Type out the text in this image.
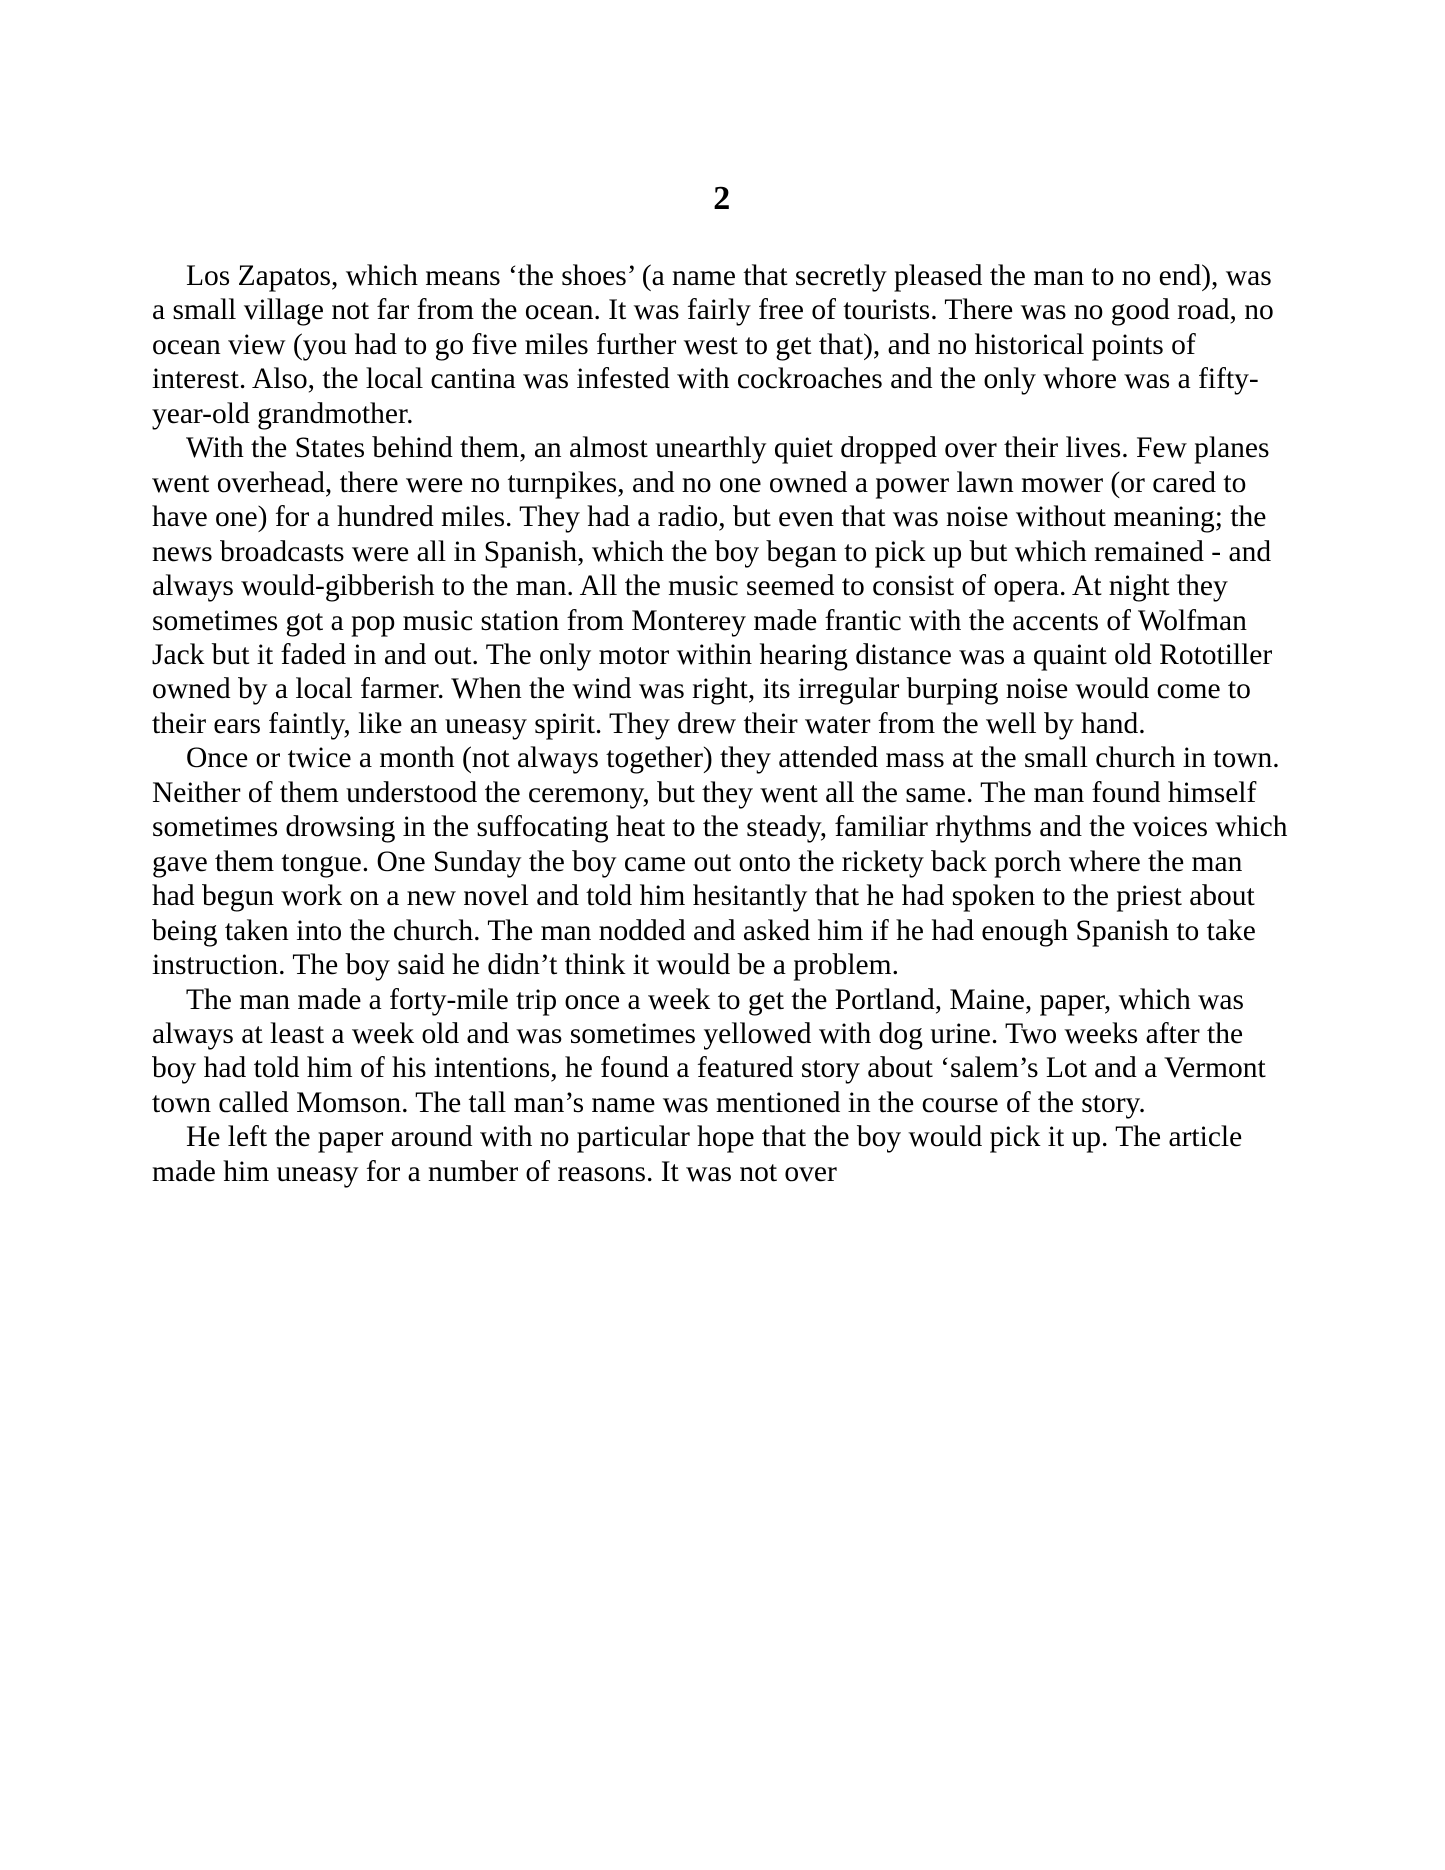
2

Los Zapatos, which means ‘the shoes’ (a name that secretly pleased the man to no end), was a small village not far from the ocean. It was fairly free of tourists. There was no good road, no ocean view (you had to go five miles further west to get that), and no historical points of interest. Also, the local cantina was infested with cockroaches and the only whore was a fifty-year-old grandmother.

With the States behind them, an almost unearthly quiet dropped over their lives. Few planes went overhead, there were no turnpikes, and no one owned a power lawn mower (or cared to have one) for a hundred miles. They had a radio, but even that was noise without meaning; the news broadcasts were all in Spanish, which the boy began to pick up but which remained - and always would-gibberish to the man. All the music seemed to consist of opera. At night they sometimes got a pop music station from Monterey made frantic with the accents of Wolfman Jack but it faded in and out. The only motor within hearing distance was a quaint old Rototiller owned by a local farmer. When the wind was right, its irregular burping noise would come to their ears faintly, like an uneasy spirit. They drew their water from the well by hand.

Once or twice a month (not always together) they attended mass at the small church in town. Neither of them understood the ceremony, but they went all the same. The man found himself sometimes drowsing in the suffocating heat to the steady, familiar rhythms and the voices which gave them tongue. One Sunday the boy came out onto the rickety back porch where the man had begun work on a new novel and told him hesitantly that he had spoken to the priest about being taken into the church. The man nodded and asked him if he had enough Spanish to take instruction. The boy said he didn’t think it would be a problem.

The man made a forty-mile trip once a week to get the Portland, Maine, paper, which was always at least a week old and was sometimes yellowed with dog urine. Two weeks after the boy had told him of his intentions, he found a featured story about ‘salem’s Lot and a Vermont town called Momson. The tall man’s name was mentioned in the course of the story.

He left the paper around with no particular hope that the boy would pick it up. The article made him uneasy for a number of reasons. It was not over
